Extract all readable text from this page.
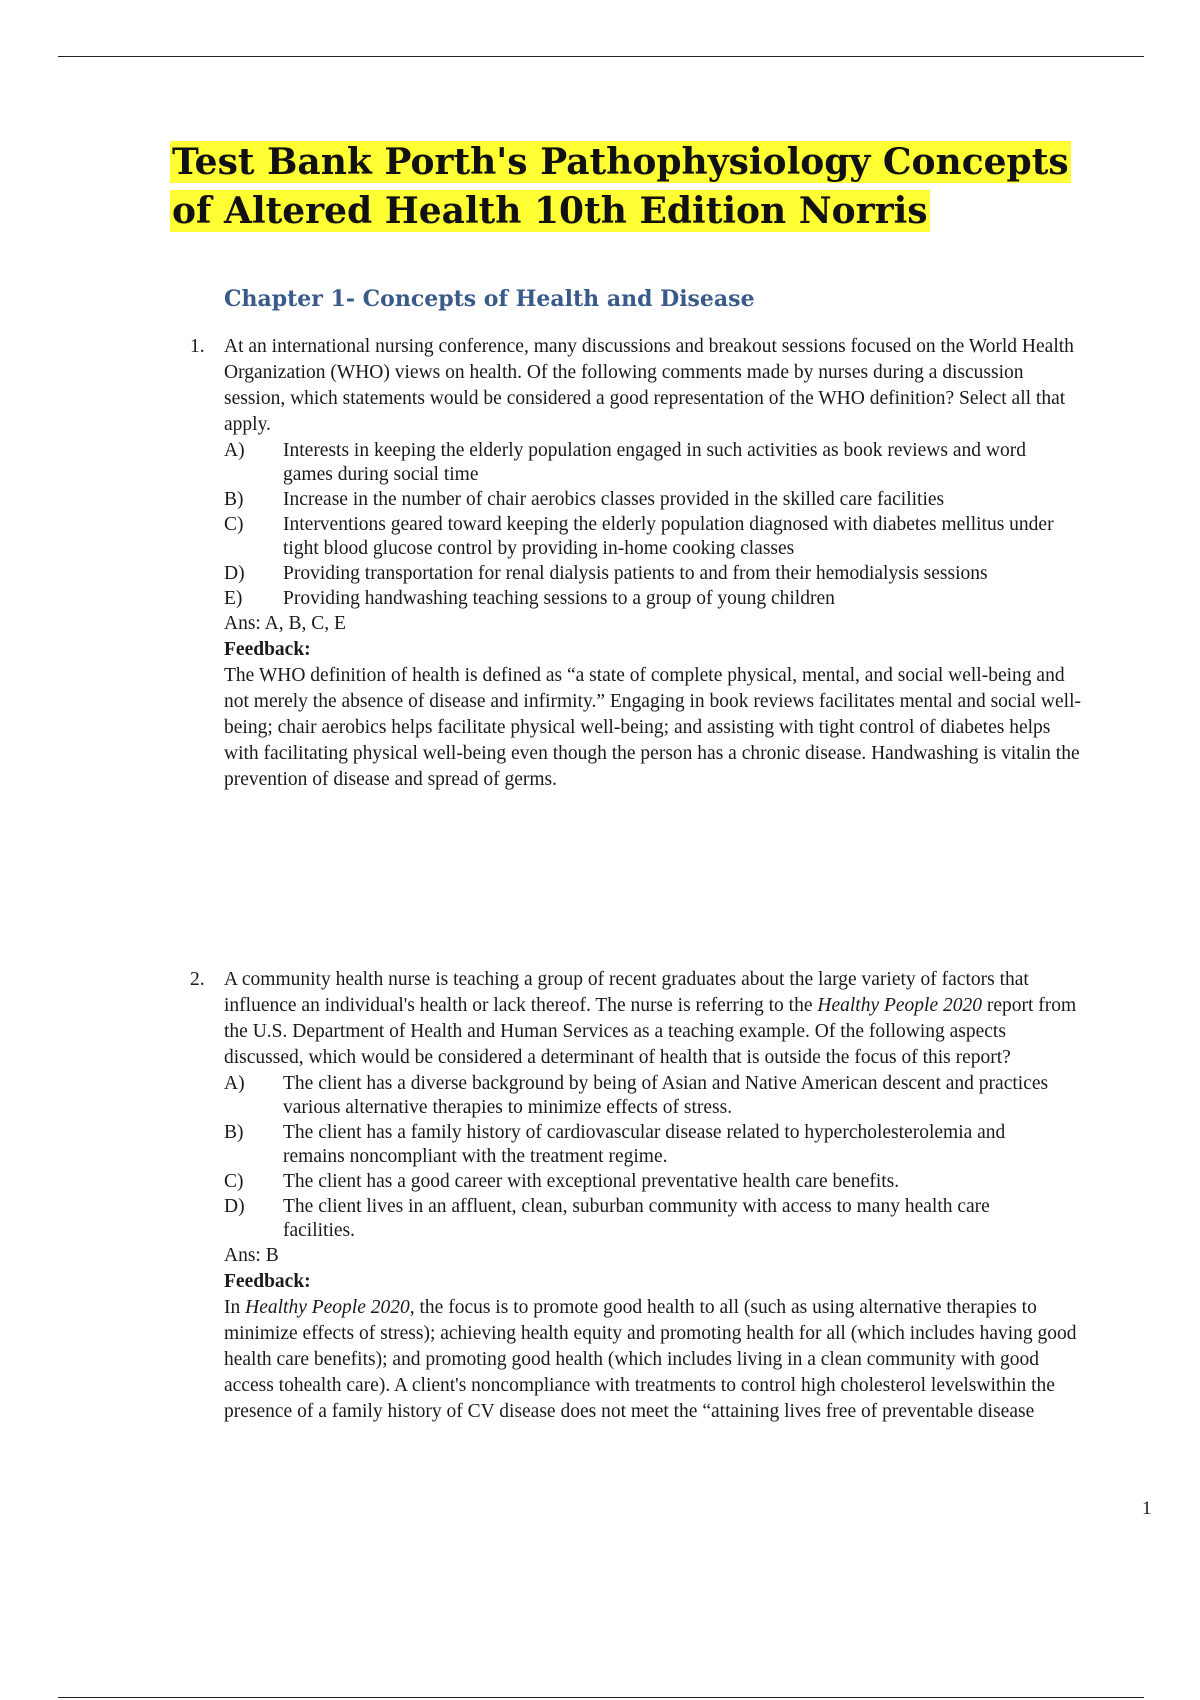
Test Bank Porth's Pathophysiology Concepts of Altered Health 10th Edition Norris
Chapter 1- Concepts of Health and Disease
1. At an international nursing conference, many discussions and breakout sessions focused on the World Health Organization (WHO) views on health. Of the following comments made by nurses during a discussion session, which statements would be considered a good representation of the WHO definition? Select all that apply.
A)	Interests in keeping the elderly population engaged in such activities as book reviews and word games during social time
B)	Increase in the number of chair aerobics classes provided in the skilled care facilities
C)	Interventions geared toward keeping the elderly population diagnosed with diabetes mellitus under tight blood glucose control by providing in-home cooking classes
D)	Providing transportation for renal dialysis patients to and from their hemodialysis sessions
E)	Providing handwashing teaching sessions to a group of young children
Ans: A, B, C, E
Feedback:
The WHO definition of health is defined as “a state of complete physical, mental, and social well-being and not merely the absence of disease and infirmity.” Engaging in book reviews facilitates mental and social well-being; chair aerobics helps facilitate physical well-being; and assisting with tight control of diabetes helps with facilitating physical well-being even though the person has a chronic disease. Handwashing is vitalin the prevention of disease and spread of germs.
2. A community health nurse is teaching a group of recent graduates about the large variety of factors that influence an individual's health or lack thereof. The nurse is referring to the Healthy People 2020 report from the U.S. Department of Health and Human Services as a teaching example. Of the following aspects discussed, which would be considered a determinant of health that is outside the focus of this report?
A)	The client has a diverse background by being of Asian and Native American descent and practices various alternative therapies to minimize effects of stress.
B)	The client has a family history of cardiovascular disease related to hypercholesterolemia and remains noncompliant with the treatment regime.
C)	The client has a good career with exceptional preventative health care benefits.
D)	The client lives in an affluent, clean, suburban community with access to many health care facilities.
Ans: B
Feedback:
In Healthy People 2020, the focus is to promote good health to all (such as using alternative therapies to minimize effects of stress); achieving health equity and promoting health for all (which includes having good health care benefits); and promoting good health (which includes living in a clean community with good access tohealth care). A client's noncompliance with treatments to control high cholesterol levelswithin the presence of a family history of CV disease does not meet the “attaining lives free of preventable disease
1
